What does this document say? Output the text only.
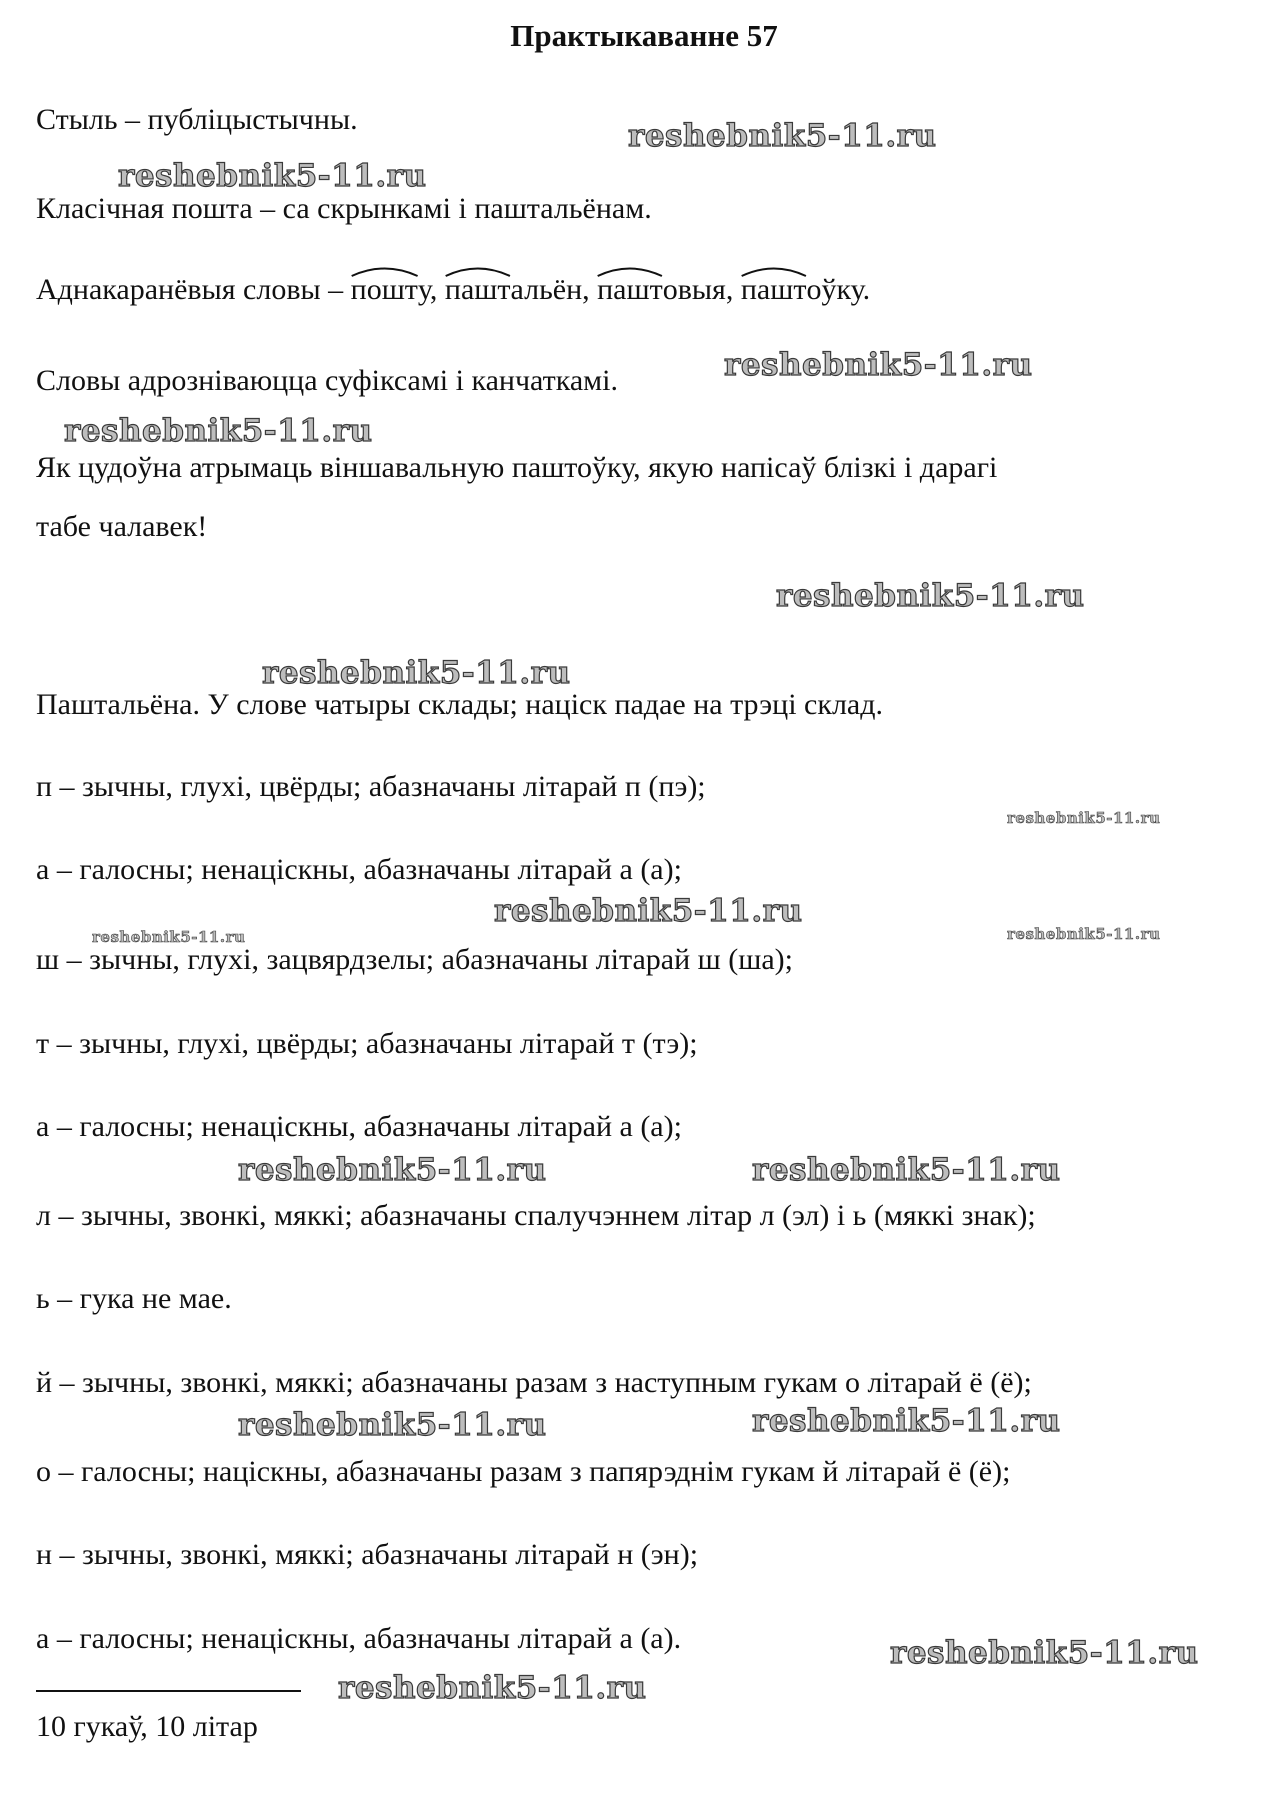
Практыкаванне 57
Стыль – публіцыстычны.
Класічная пошта – са скрынкамі і паштальёнам.
Аднакаранёвыя словы –
пошту,
паштальён,
паштовыя,
паштоўку.
Словы адрозніваюцца суфіксамі і канчаткамі.
Як цудоўна атрымаць віншавальную паштоўку, якую напісаў блізкі і дарагі
табе чалавек!
Паштальёна. У слове чатыры склады; націск падае на трэці склад.
п – зычны, глухі, цвёрды; абазначаны літарай п (пэ);
а – галосны; ненаціскны, абазначаны літарай а (а);
ш – зычны, глухі, зацвярдзелы; абазначаны літарай ш (ша);
т – зычны, глухі, цвёрды; абазначаны літарай т (тэ);
а – галосны; ненаціскны, абазначаны літарай а (а);
л – зычны, звонкі, мяккі; абазначаны спалучэннем літар л (эл) і ь (мяккі знак);
ь – гука не мае.
й – зычны, звонкі, мяккі; абазначаны разам з наступным гукам о літарай ё (ё);
о – галосны; націскны, абазначаны разам з папярэднім гукам й літарай ё (ё);
н – зычны, звонкі, мяккі; абазначаны літарай н (эн);
а – галосны; ненаціскны, абазначаны літарай а (а).
10 гукаў, 10 літар
reshebnik5-11.ru
reshebnik5-11.ru
reshebnik5-11.ru
reshebnik5-11.ru
reshebnik5-11.ru
reshebnik5-11.ru
reshebnik5-11.ru
reshebnik5-11.ru
reshebnik5-11.ru	reshebnik5-11.ru
reshebnik5-11.ru	reshebnik5-11.ru
reshebnik5-11.ru	reshebnik5-11.ru
reshebnik5-11.ru
reshebnik5-11.ru
